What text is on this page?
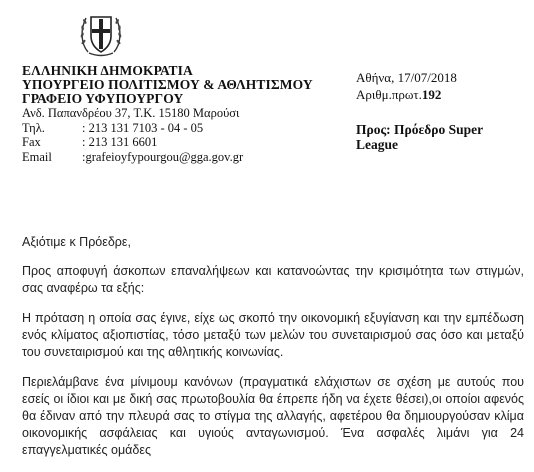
ΕΛΛΗΝΙΚΗ ΔΗΜΟΚΡΑΤΙΑ
ΥΠΟΥΡΓΕΙΟ ΠΟΛΙΤΙΣΜΟΥ & ΑΘΛΗΤΙΣΜΟΥ
ΓΡΑΦΕΙΟ ΥΦΥΠΟΥΡΓΟΥ
Ανδ. Παπανδρέου 37, Τ.Κ. 15180 Μαρούσι
Τηλ.	: 213 131 7103 - 04 - 05
Fax	: 213 131 6601
Email	:grafeioyfypourgou@gga.gov.gr
Αθήνα, 17/07/2018
Αριθμ.πρωτ.192
Προς: Πρόεδρο Super League

Αξιότιμε κ Πρόεδρε,

Προς αποφυγή άσκοπων επαναλήψεων και κατανοώντας την κρισιμότητα των στιγμών, σας αναφέρω τα εξής:

Η πρόταση η οποία σας έγινε, είχε ως σκοπό την οικονομική εξυγίανση και την εμπέδωση ενός κλίματος αξιοπιστίας, τόσο μεταξύ των μελών του συνεταιρισμού σας όσο και μεταξύ του συνεταιρισμού και της αθλητικής κοινωνίας.

Περιελάμβανε ένα μίνιμουμ κανόνων (πραγματικά ελάχιστων σε σχέση με αυτούς που εσείς οι ίδιοι και με δική σας πρωτοβουλία θα έπρεπε ήδη να έχετε θέσει),οι οποίοι αφενός θα έδιναν από την πλευρά σας το στίγμα της αλλαγής, αφετέρου θα δημιουργούσαν κλίμα οικονομικής ασφάλειας και υγιούς ανταγωνισμού. Ένα ασφαλές λιμάνι για 24 επαγγελματικές ομάδες
